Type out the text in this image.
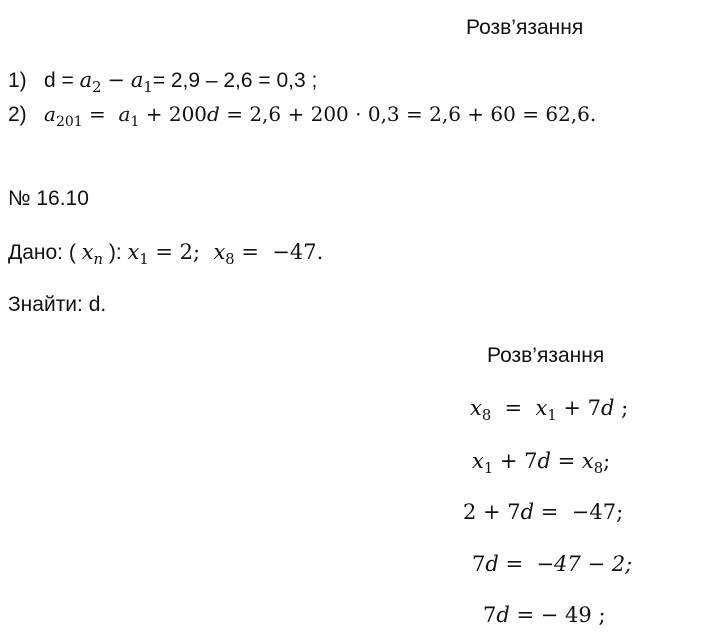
Розв’язання
1) $d = a_2 - a_1= 2,9 - 2,6 = 0,3$ ;
2) $a_{201} = a_1 + 200d = 2,6 + 200 \cdot 0,3 = 2,6 + 60 = 62,6$.
№ 16.10
Дано: ( $x_n$ ): $x_1 = 2$;  $x_8 = -47$.
Знайти: d.
Розв’язання
$x_8 = x_1 + 7d$ ;
$x_1 + 7d = x_8$;
2 + 7d =  −47;
7d =  −47 − 2;
7d = − 49 ;
